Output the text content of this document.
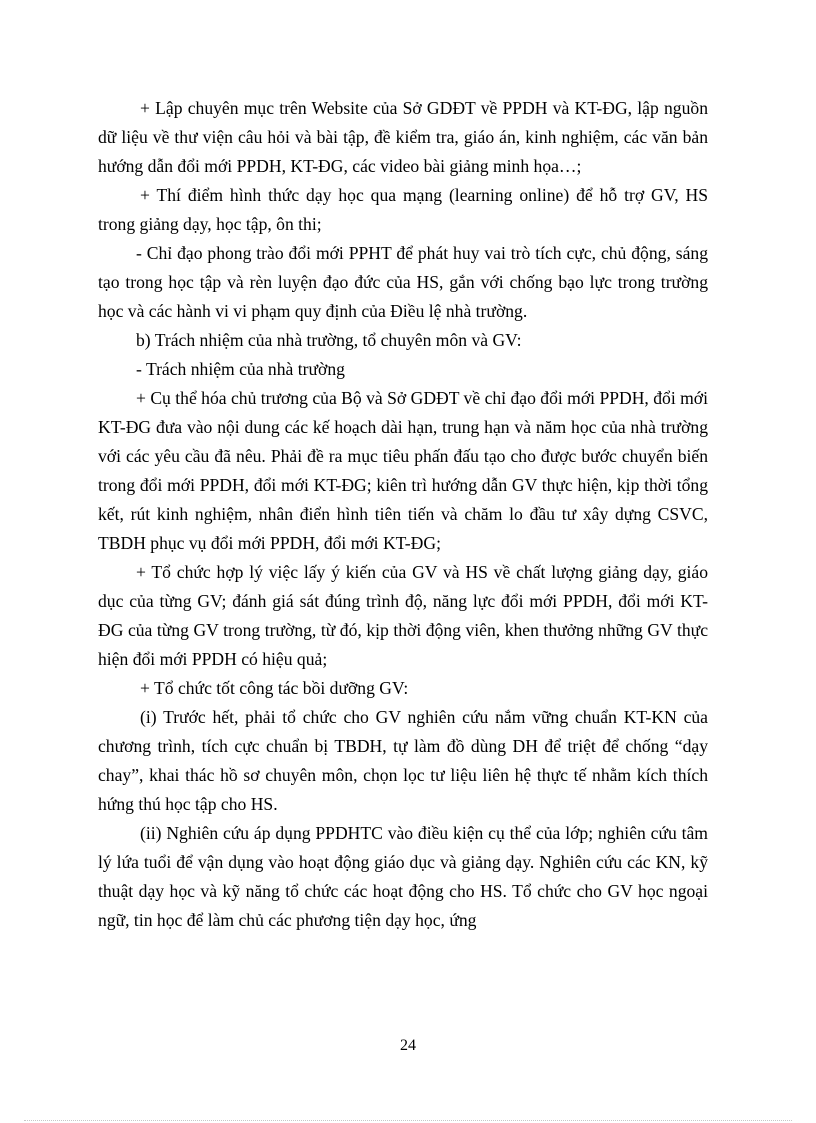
+ Lập chuyên mục trên Website của Sở GDĐT về PPDH và KT-ĐG, lập nguồn dữ liệu về thư viện câu hỏi và bài tập, đề kiểm tra, giáo án, kinh nghiệm, các văn bản hướng dẫn đổi mới PPDH, KT-ĐG, các video bài giảng minh họa…;

+ Thí điểm hình thức dạy học qua mạng (learning online) để hỗ trợ GV, HS trong giảng dạy, học tập, ôn thi;

- Chỉ đạo phong trào đổi mới PPHT để phát huy vai trò tích cực, chủ động, sáng tạo trong học tập và rèn luyện đạo đức của HS, gắn với chống bạo lực trong trường học và các hành vi vi phạm quy định của Điều lệ nhà trường.

b) Trách nhiệm của nhà trường, tổ chuyên môn và GV:

- Trách nhiệm của nhà trường

+ Cụ thể hóa chủ trương của Bộ và Sở GDĐT về chỉ đạo đổi mới PPDH, đổi mới KT-ĐG đưa vào nội dung các kế hoạch dài hạn, trung hạn và năm học của nhà trường với các yêu cầu đã nêu. Phải đề ra mục tiêu phấn đấu tạo cho được bước chuyển biến trong đổi mới PPDH, đổi mới KT-ĐG; kiên trì hướng dẫn GV thực hiện, kịp thời tổng kết, rút kinh nghiệm, nhân điển hình tiên tiến và chăm lo đầu tư xây dựng CSVC, TBDH phục vụ đổi mới PPDH, đổi mới KT-ĐG;

+ Tổ chức hợp lý việc lấy ý kiến của GV và HS về chất lượng giảng dạy, giáo dục của từng GV; đánh giá sát đúng trình độ, năng lực đổi mới PPDH, đổi mới KT-ĐG của từng GV trong trường, từ đó, kịp thời động viên, khen thưởng những GV thực hiện đổi mới PPDH có hiệu quả;

+ Tổ chức tốt công tác bồi dưỡng GV:

(i) Trước hết, phải tổ chức cho GV nghiên cứu nắm vững chuẩn KT-KN của chương trình, tích cực chuẩn bị TBDH, tự làm đồ dùng DH để triệt để chống “dạy chay”, khai thác hồ sơ chuyên môn, chọn lọc tư liệu liên hệ thực tế nhằm kích thích hứng thú học tập cho HS.

(ii) Nghiên cứu áp dụng PPDHTC vào điều kiện cụ thể của lớp; nghiên cứu tâm lý lứa tuổi để vận dụng vào hoạt động giáo dục và giảng dạy. Nghiên cứu các KN, kỹ thuật dạy học và kỹ năng tổ chức các hoạt động cho HS. Tổ chức cho GV học ngoại ngữ, tin học để làm chủ các phương tiện dạy học, ứng

24
